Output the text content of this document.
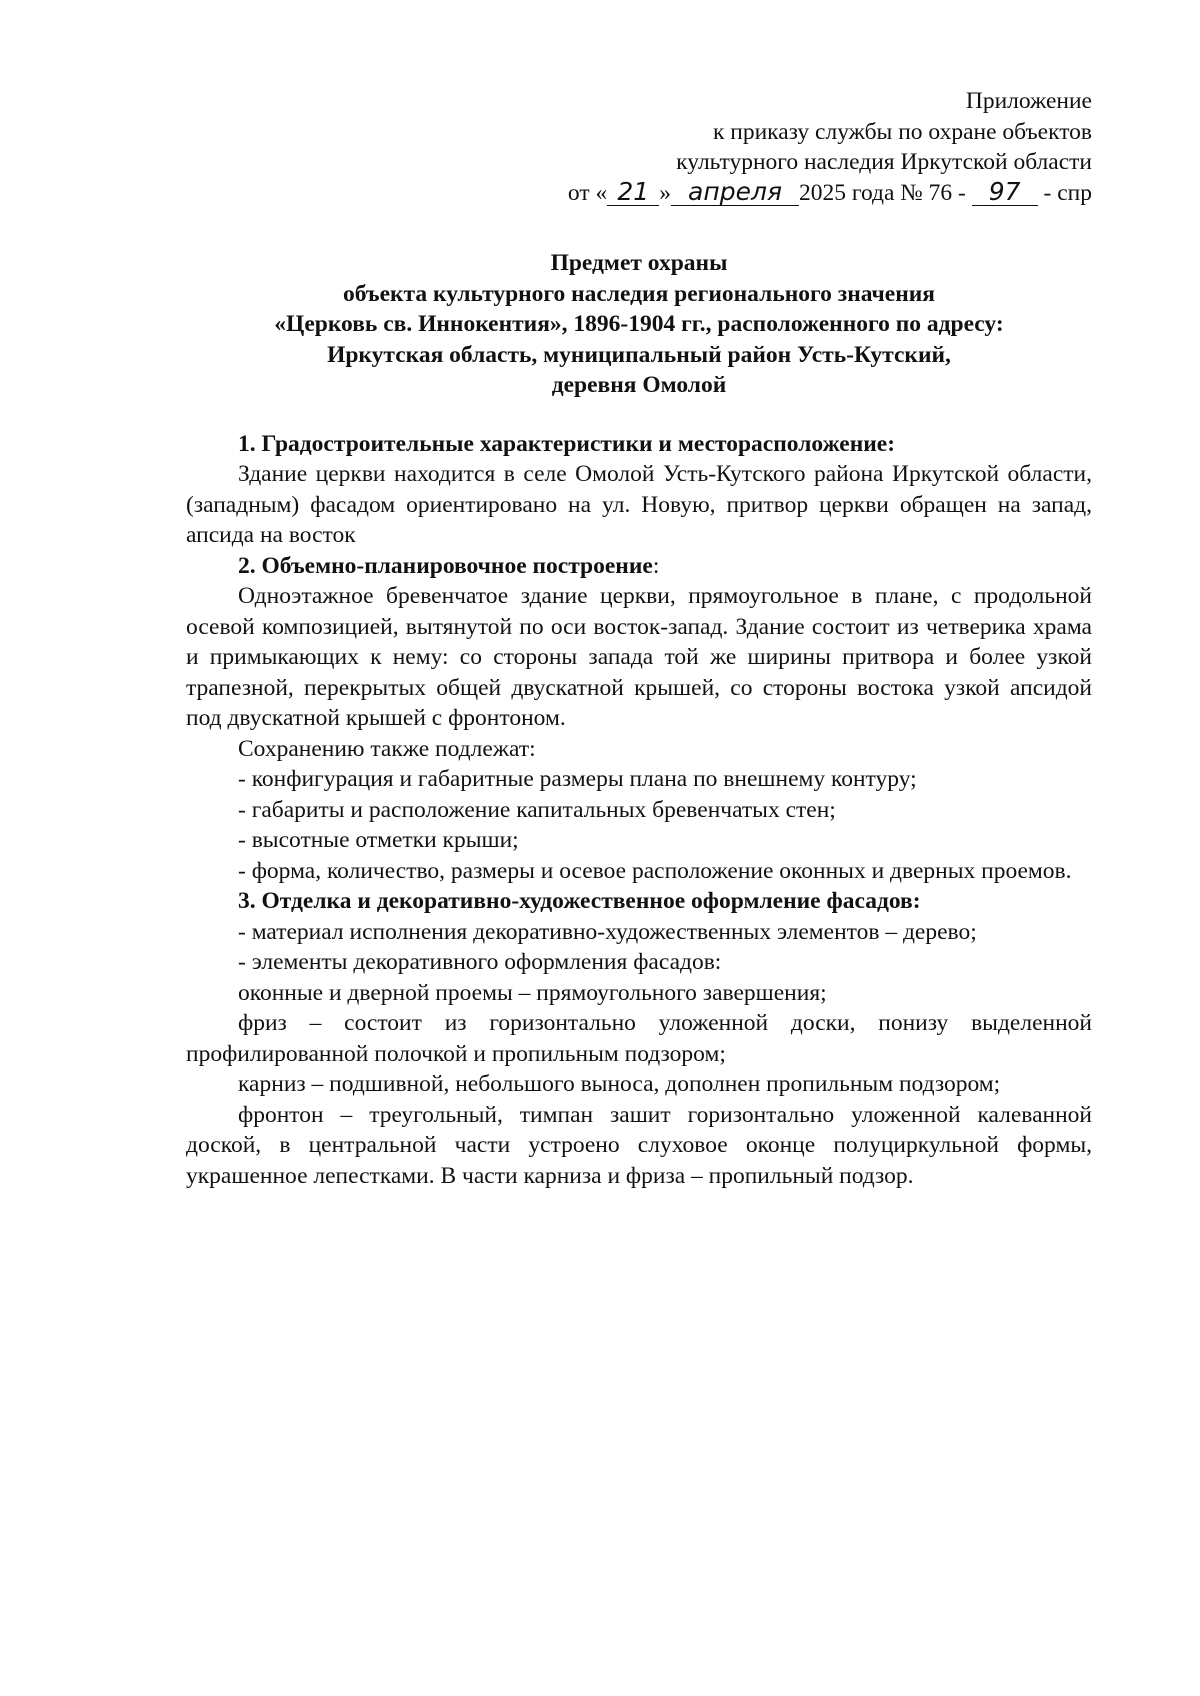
Приложение
к приказу службы по охране объектов
культурного наследия Иркутской области
от « 21 » апреля 2025 года № 76 - 97 - спр
Предмет охраны
объекта культурного наследия регионального значения
«Церковь св. Иннокентия», 1896-1904 гг., расположенного по адресу:
Иркутская область, муниципальный район Усть-Кутский,
деревня Омолой

1. Градостроительные характеристики и месторасположение:

Здание церкви находится в селе Омолой Усть-Кутского района Иркутской области, (западным) фасадом ориентировано на ул. Новую, притвор церкви обращен на запад, апсида на восток

2. Объемно-планировочное построение:

Одноэтажное бревенчатое здание церкви, прямоугольное в плане, с продольной осевой композицией, вытянутой по оси восток-запад. Здание состоит из четверика храма и примыкающих к нему: со стороны запада той же ширины притвора и более узкой трапезной, перекрытых общей двускатной крышей, со стороны востока узкой апсидой под двускатной крышей с фронтоном.

Сохранению также подлежат:

- конфигурация и габаритные размеры плана по внешнему контуру;

- габариты и расположение капитальных бревенчатых стен;

- высотные отметки крыши;

- форма, количество, размеры и осевое расположение оконных и дверных проемов.

3. Отделка и декоративно-художественное оформление фасадов:

- материал исполнения декоративно-художественных элементов – дерево;

- элементы декоративного оформления фасадов:

оконные и дверной проемы – прямоугольного завершения;

фриз – состоит из горизонтально уложенной доски, понизу выделенной профилированной полочкой и пропильным подзором;

карниз – подшивной, небольшого выноса, дополнен пропильным подзором;

фронтон – треугольный, тимпан зашит горизонтально уложенной калеванной доской, в центральной части устроено слуховое оконце полуциркульной формы, украшенное лепестками. В части карниза и фриза – пропильный подзор.
